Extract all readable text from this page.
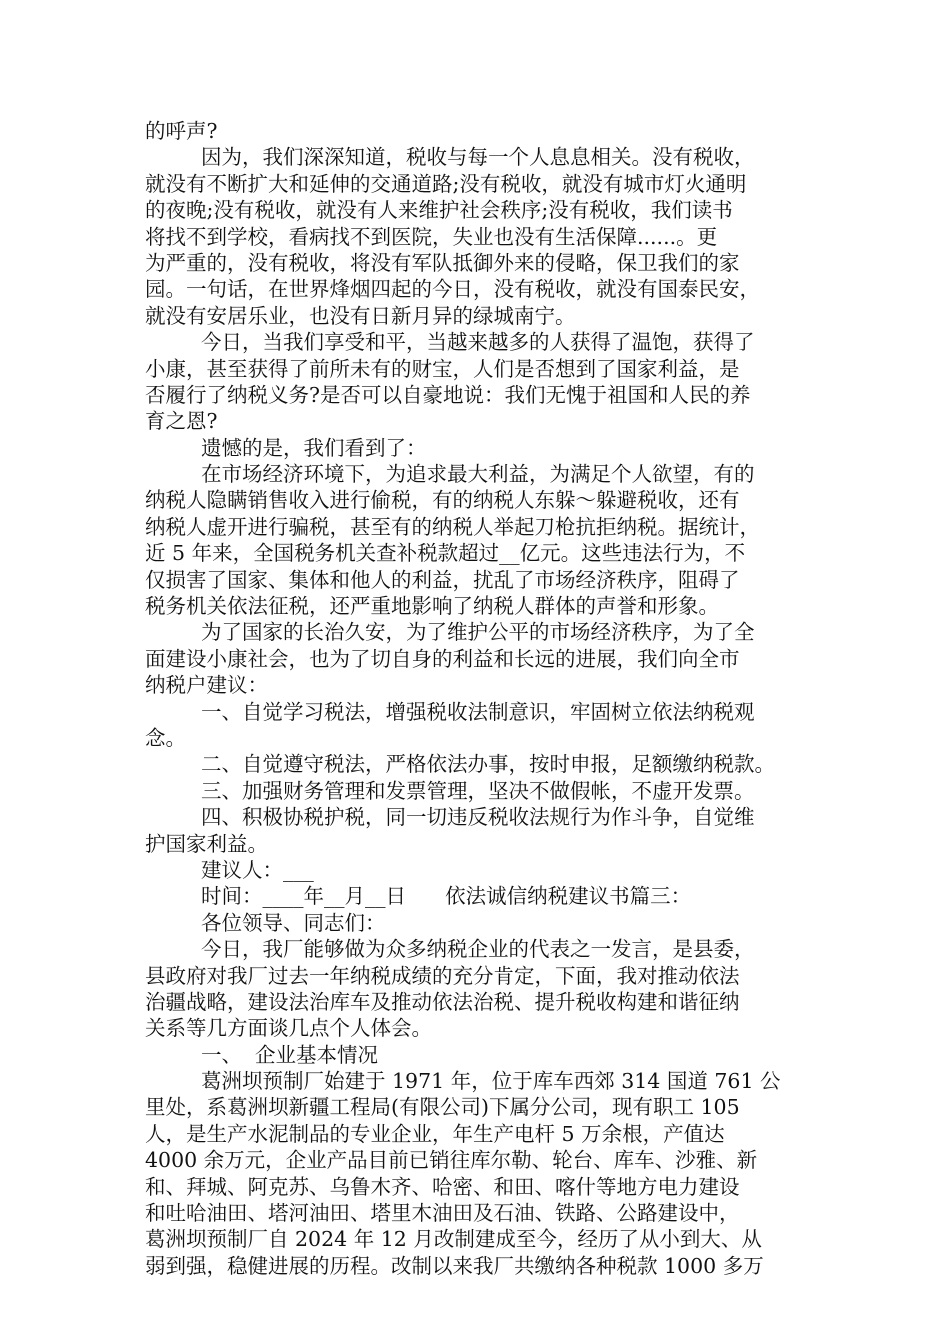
的呼声?
因为，我们深深知道，税收与每一个人息息相关。没有税收，
就没有不断扩大和延伸的交通道路;没有税收，就没有城市灯火通明
的夜晚;没有税收，就没有人来维护社会秩序;没有税收，我们读书
将找不到学校，看病找不到医院，失业也没有生活保障......。更
为严重的，没有税收，将没有军队抵御外来的侵略，保卫我们的家
园。一句话，在世界烽烟四起的今日，没有税收，就没有国泰民安，
就没有安居乐业，也没有日新月异的绿城南宁。
今日，当我们享受和平，当越来越多的人获得了温饱，获得了
小康，甚至获得了前所未有的财宝，人们是否想到了国家利益，是
否履行了纳税义务?是否可以自豪地说：我们无愧于祖国和人民的养
育之恩?
遗憾的是，我们看到了：
在市场经济环境下，为追求最大利益，为满足个人欲望，有的
纳税人隐瞒销售收入进行偷税，有的纳税人东躲～躲避税收，还有
纳税人虚开进行骗税，甚至有的纳税人举起刀枪抗拒纳税。据统计，
近 5 年来，全国税务机关查补税款超过__亿元。这些违法行为，不
仅损害了国家、集体和他人的利益，扰乱了市场经济秩序，阻碍了
税务机关依法征税，还严重地影响了纳税人群体的声誉和形象。
为了国家的长治久安，为了维护公平的市场经济秩序，为了全
面建设小康社会，也为了切自身的利益和长远的进展，我们向全市
纳税户建议：
一、自觉学习税法，增强税收法制意识，牢固树立依法纳税观
念。
二、自觉遵守税法，严格依法办事，按时申报，足额缴纳税款。
三、加强财务管理和发票管理，坚决不做假帐，不虚开发票。
四、积极协税护税，同一切违反税收法规行为作斗争，自觉维
护国家利益。
建议人：___
时间：____年__月__日      依法诚信纳税建议书篇三：
各位领导、同志们：
今日，我厂能够做为众多纳税企业的代表之一发言，是县委，
县政府对我厂过去一年纳税成绩的充分肯定，下面，我对推动依法
治疆战略，建设法治库车及推动依法治税、提升税收构建和谐征纳
关系等几方面谈几点个人体会。
一、  企业基本情况
葛洲坝预制厂始建于 1971 年，位于库车西郊 314 国道 761 公
里处，系葛洲坝新疆工程局(有限公司)下属分公司，现有职工 105
人，是生产水泥制品的专业企业，年生产电杆 5 万余根，产值达
4000 余万元，企业产品目前已销往库尔勒、轮台、库车、沙雅、新
和、拜城、阿克苏、乌鲁木齐、哈密、和田、喀什等地方电力建设
和吐哈油田、塔河油田、塔里木油田及石油、铁路、公路建设中，
葛洲坝预制厂自 2024 年 12 月改制建成至今，经历了从小到大、从
弱到强，稳健进展的历程。改制以来我厂共缴纳各种税款 1000 多万
